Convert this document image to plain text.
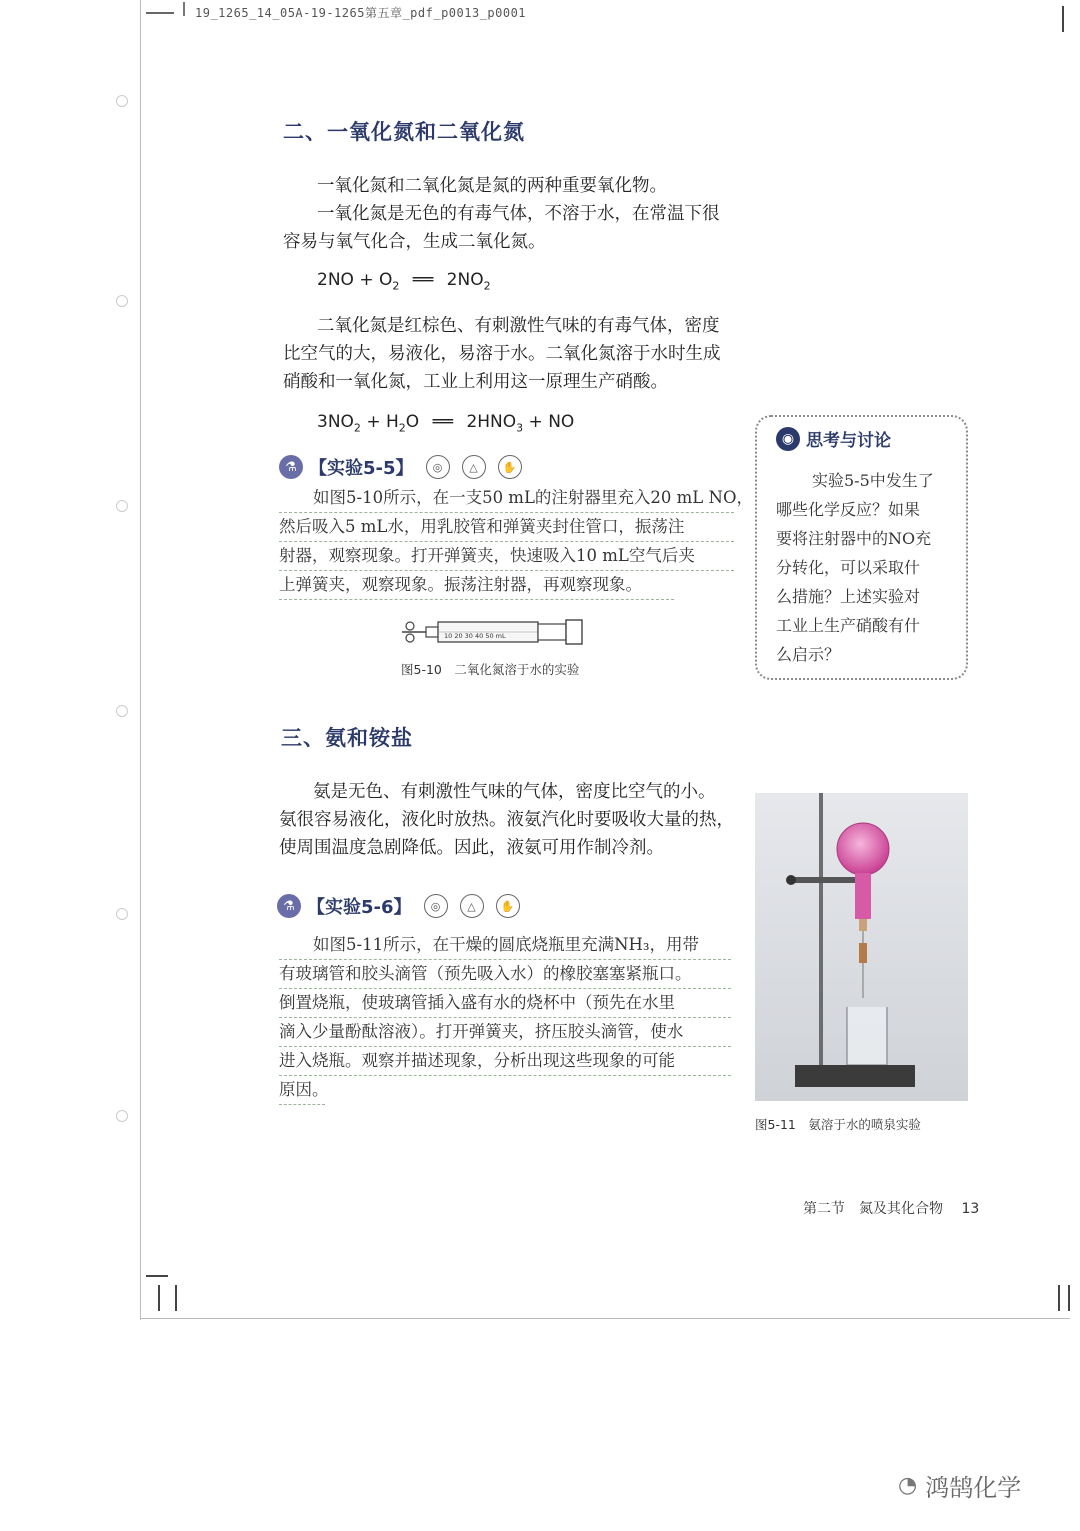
19_1265_14_05A-19-1265第五章_pdf_p0013_p0001
二、一氧化氮和二氧化氮
一氧化氮和二氧化氮是氮的两种重要氧化物。
一氧化氮是无色的有毒气体，不溶于水，在常温下很
容易与氧气化合，生成二氧化氮。
$2NO + O_2$ ══ $2NO_2$
二氧化氮是红棕色、有刺激性气味的有毒气体，密度
比空气的大，易液化，易溶于水。二氧化氮溶于水时生成
硝酸和一氧化氮，工业上利用这一原理生产硝酸。
$3NO_2 + H_2O$ ══ $2HNO_3$ + NO
⚗ 【实验5-5】	◎	△	✋
如图5-10所示，在一支50 mL的注射器里充入20 mL NO，
然后吸入5 mL水，用乳胶管和弹簧夹封住管口，振荡注
射器，观察现象。打开弹簧夹，快速吸入10 mL空气后夹
上弹簧夹，观察现象。振荡注射器，再观察现象。
10 20 30 40 50 mL
图5-10　二氧化氮溶于水的实验
◉ 思考与讨论
实验5-5中发生了
哪些化学反应？如果
要将注射器中的NO充
分转化，可以采取什
么措施？上述实验对
工业上生产硝酸有什
么启示？
三、氨和铵盐
氨是无色、有刺激性气味的气体，密度比空气的小。
氨很容易液化，液化时放热。液氨汽化时要吸收大量的热，
使周围温度急剧降低。因此，液氨可用作制冷剂。
⚗ 【实验5-6】	◎	△	✋
如图5-11所示，在干燥的圆底烧瓶里充满NH₃，用带
有玻璃管和胶头滴管（预先吸入水）的橡胶塞塞紧瓶口。
倒置烧瓶，使玻璃管插入盛有水的烧杯中（预先在水里
滴入少量酚酞溶液）。打开弹簧夹，挤压胶头滴管，使水
进入烧瓶。观察并描述现象，分析出现这些现象的可能
原因。
图5-11　氨溶于水的喷泉实验
第二节　氮及其化合物 13
◔ 鸿鹄化学
